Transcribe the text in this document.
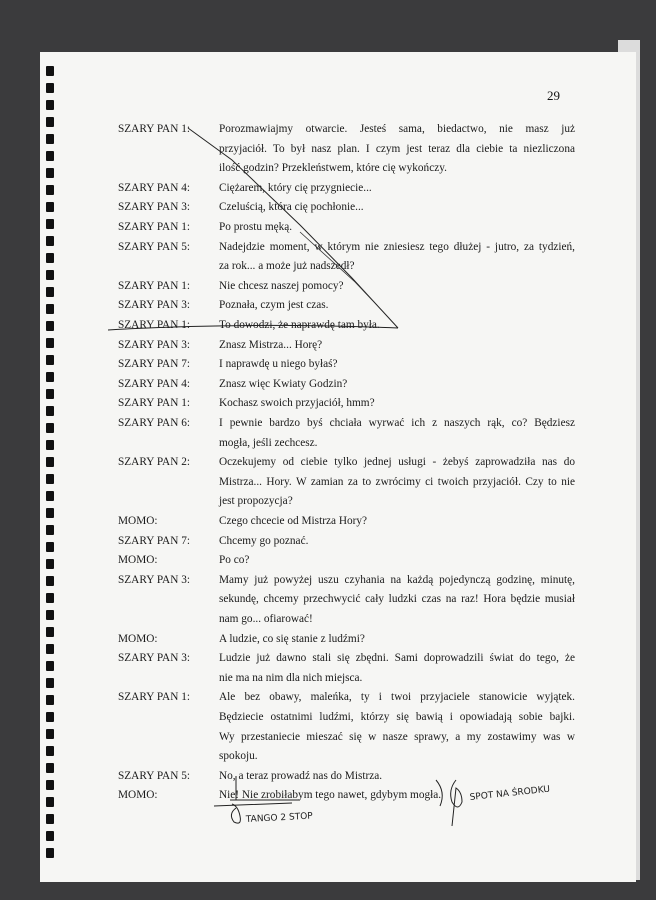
29
SZARY PAN 1:	Porozmawiajmy otwarcie. Jesteś sama, biedactwo, nie masz już
przyjaciół. To był nasz plan. I czym jest teraz dla ciebie ta niezliczona
ilość godzin? Przekleństwem, które cię wykończy.
SZARY PAN 4:	Ciężarem, który cię przygniecie...
SZARY PAN 3:	Czeluścią, która cię pochłonie...
SZARY PAN 1:	Po prostu męką.
SZARY PAN 5:	Nadejdzie moment, w którym nie zniesiesz tego dłużej - jutro, za tydzień,
za rok... a może już nadszedł?
SZARY PAN 1:	Nie chcesz naszej pomocy?
SZARY PAN 3:	Poznała, czym jest czas.
SZARY PAN 1:	To dowodzi, że naprawdę tam była.
SZARY PAN 3:	Znasz Mistrza... Horę?
SZARY PAN 7:	I naprawdę u niego byłaś?
SZARY PAN 4:	Znasz więc Kwiaty Godzin?
SZARY PAN 1:	Kochasz swoich przyjaciół, hmm?
SZARY PAN 6:	I pewnie bardzo byś chciała wyrwać ich z naszych rąk, co? Będziesz
mogła, jeśli zechcesz.
SZARY PAN 2:	Oczekujemy od ciebie tylko jednej usługi - żebyś zaprowadziła nas do
Mistrza... Hory. W zamian za to zwrócimy ci twoich przyjaciół. Czy to nie
jest propozycja?
MOMO:	Czego chcecie od Mistrza Hory?
SZARY PAN 7:	Chcemy go poznać.
MOMO:	Po co?
SZARY PAN 3:	Mamy już powyżej uszu czyhania na każdą pojedynczą godzinę, minutę,
sekundę, chcemy przechwycić cały ludzki czas na raz! Hora będzie musiał
nam go... ofiarować!
MOMO:	A ludzie, co się stanie z ludźmi?
SZARY PAN 3:	Ludzie już dawno stali się zbędni. Sami doprowadzili świat do tego, że
nie ma na nim dla nich miejsca.
SZARY PAN 1:	Ale bez obawy, maleńka, ty i twoi przyjaciele stanowicie wyjątek.
Będziecie ostatnimi ludźmi, którzy się bawią i opowiadają sobie bajki.
Wy przestaniecie mieszać się w nasze sprawy, a my zostawimy was w
spokoju.
SZARY PAN 5:	No, a teraz prowadź nas do Mistrza.
MOMO:	Nie! Nie zrobiłabym tego nawet, gdybym mogła.
TANGO 2 STOP
SPOT NA ŚRODKU
